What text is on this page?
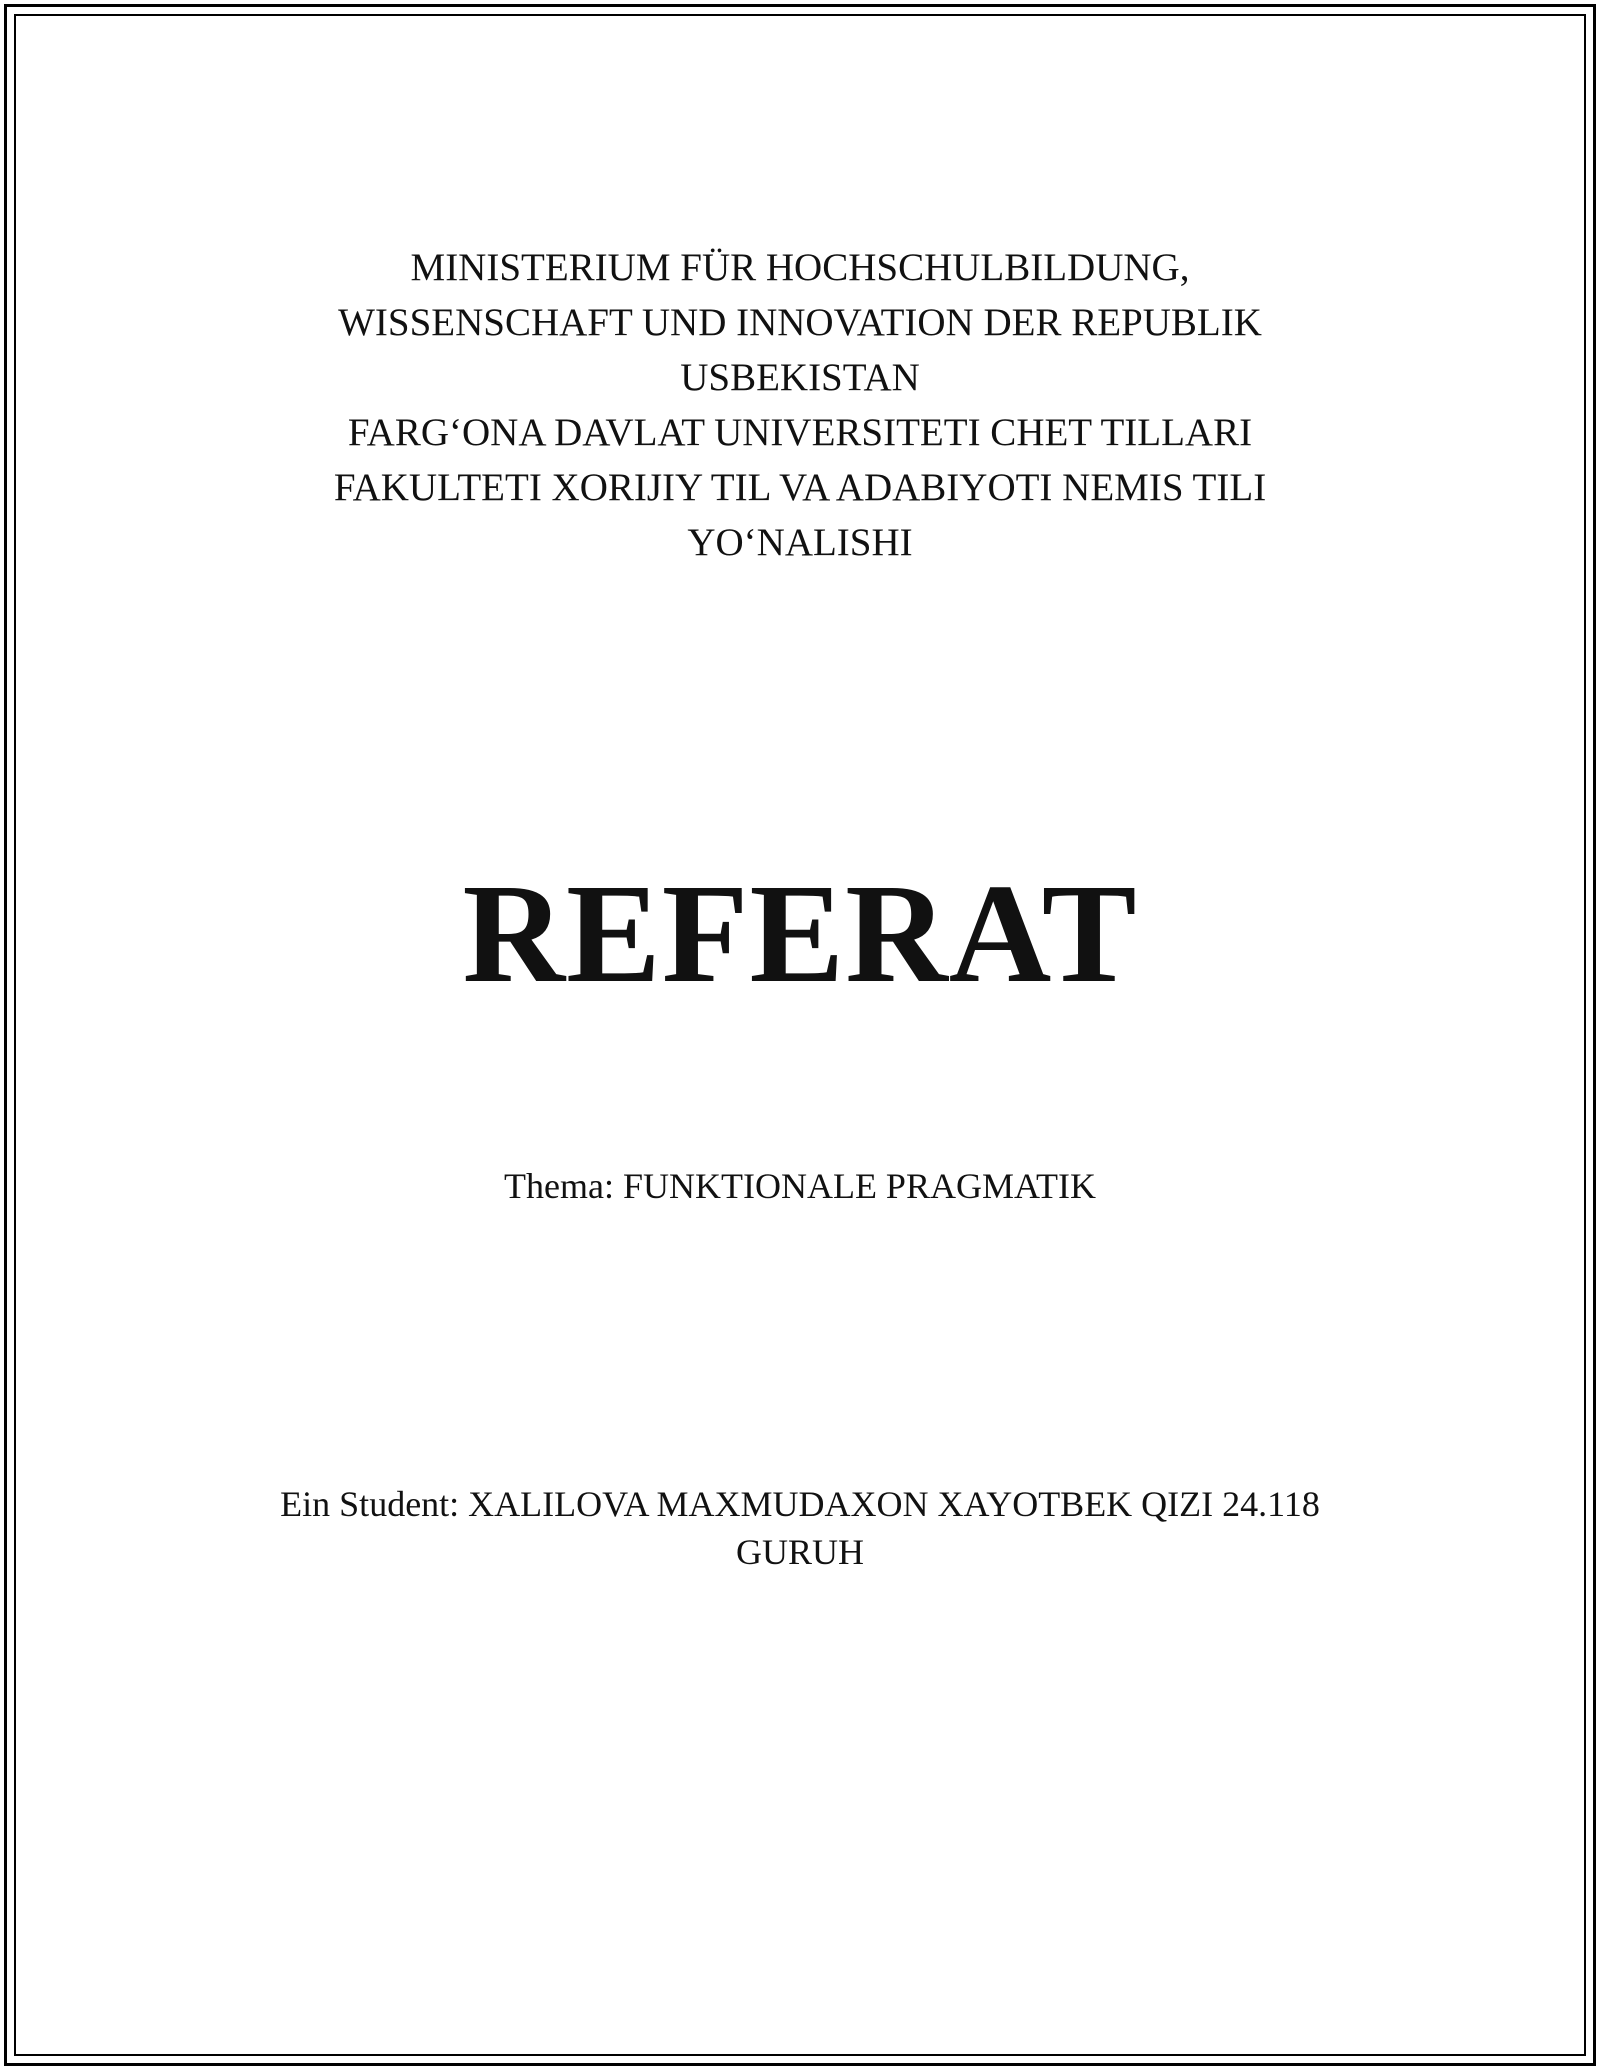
MINISTERIUM FÜR HOCHSCHULBILDUNG,
WISSENSCHAFT UND INNOVATION DER REPUBLIK
USBEKISTAN
FARG‘ONA DAVLAT UNIVERSITETI CHET TILLARI
FAKULTETI XORIJIY TIL VA ADABIYOTI NEMIS TILI
YO‘NALISHI
REFERAT
Thema: FUNKTIONALE PRAGMATIK
Ein Student: XALILOVA MAXMUDAXON XAYOTBEK QIZI 24.118
GURUH
